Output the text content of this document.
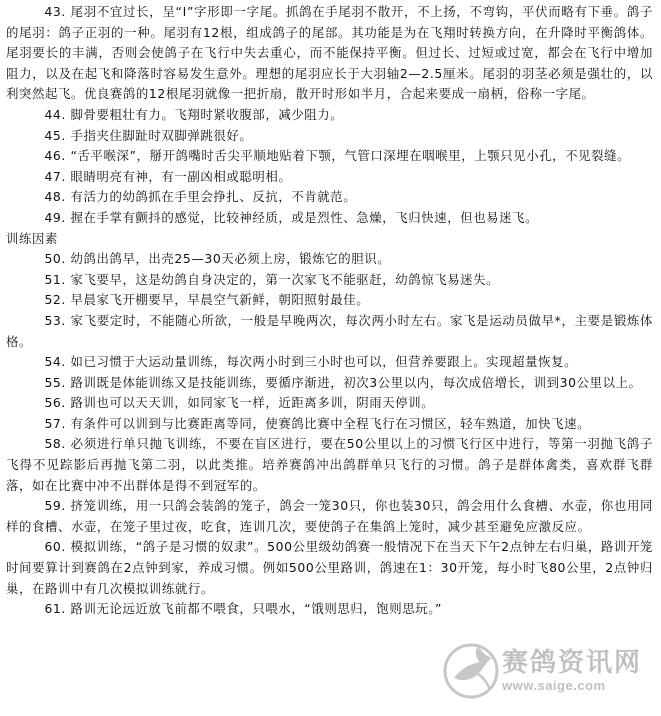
43. 尾羽不宜过长，呈“Ⅰ”字形即一字尾。抓鸽在手尾羽不散开，不上扬，不弯钩，平伏而略有下垂。鸽子的尾羽：鸽子正羽的一种。尾羽有12根，组成鸽子的尾部。其功能是为在飞翔时转换方向，在升降时平衡鸽体。尾羽要长的丰满，否则会使鸽子在飞行中失去重心，而不能保持平衡。但过长、过短或过宽，都会在飞行中增加阻力，以及在起飞和降落时容易发生意外。理想的尾羽应长于大羽轴2—2.5厘米。尾羽的羽茎必须是强壮的，以利突然起飞。优良赛鸽的12根尾羽就像一把折扇，散开时形如半月，合起来要成一扇柄，俗称一字尾。

44. 脚骨要粗壮有力。飞翔时紧收腹部，减少阻力。

45. 手指夹住脚趾时双脚弹跳很好。

46. “舌平喉深”，掰开鸽嘴时舌尖平顺地贴着下颚，气管口深埋在咽喉里，上颚只见小孔，不见裂缝。

47. 眼睛明亮有神，有一副凶相或聪明相。

48. 有活力的幼鸽抓在手里会挣扎、反抗，不肯就范。

49. 握在手掌有颤抖的感觉，比较神经质，或是烈性、急燥，飞归快速，但也易迷飞。

训练因素

50. 幼鸽出鸽早，出壳25—30天必须上房，锻炼它的胆识。

51. 家飞要早，这是幼鸽自身决定的，第一次家飞不能驱赶，幼鸽惊飞易迷失。

52. 早晨家飞开棚要早，早晨空气新鲜，朝阳照射最佳。

53. 家飞要定时，不能随心所欲，一般是早晚两次，每次两小时左右。家飞是运动员做早*，主要是锻炼体格。

54. 如已习惯于大运动量训练，每次两小时到三小时也可以，但营养要跟上。实现超量恢复。

55. 路训既是体能训练又是技能训练，要循序渐进，初次3公里以内，每次成倍增长，训到30公里以上。

56. 路训也可以天天训，如同家飞一样，近距离多训，阴雨天停训。

57. 有条件可以训到与比赛距离等同，使赛鸽比赛中全程飞行在习惯区，轻车熟道，加快飞速。

58. 必须进行单只抛飞训练，不要在盲区进行，要在50公里以上的习惯飞行区中进行，等第一羽抛飞鸽子飞得不见踪影后再抛飞第二羽，以此类推。培养赛鸽冲出鸽群单只飞行的习惯。鸽子是群体禽类，喜欢群飞群落，如在比赛中冲不出群体是得不到冠军的。

59. 挤笼训练，用一只鸽会装鸽的笼子，鸽会一笼30只，你也装30只，鸽会用什么食槽、水壶，你也用同样的食槽、水壶，在笼子里过夜，吃食，连训几次，要使鸽子在集鸽上笼时，减少甚至避免应激反应。

60. 模拟训练，“鸽子是习惯的奴隶”。500公里级幼鸽赛一般情况下在当天下午2点钟左右归巢，路训开笼时间要算计到赛鸽在2点钟到家，养成习惯。例如500公里路训，鸽速在1：30开笼，每小时飞80公里，2点钟归巢，在路训中有几次模拟训练就行。

61. 路训无论远近放飞前都不喂食，只喂水，“饿则思归，饱则思玩。”

赛鸽资讯网
www.saige.com
